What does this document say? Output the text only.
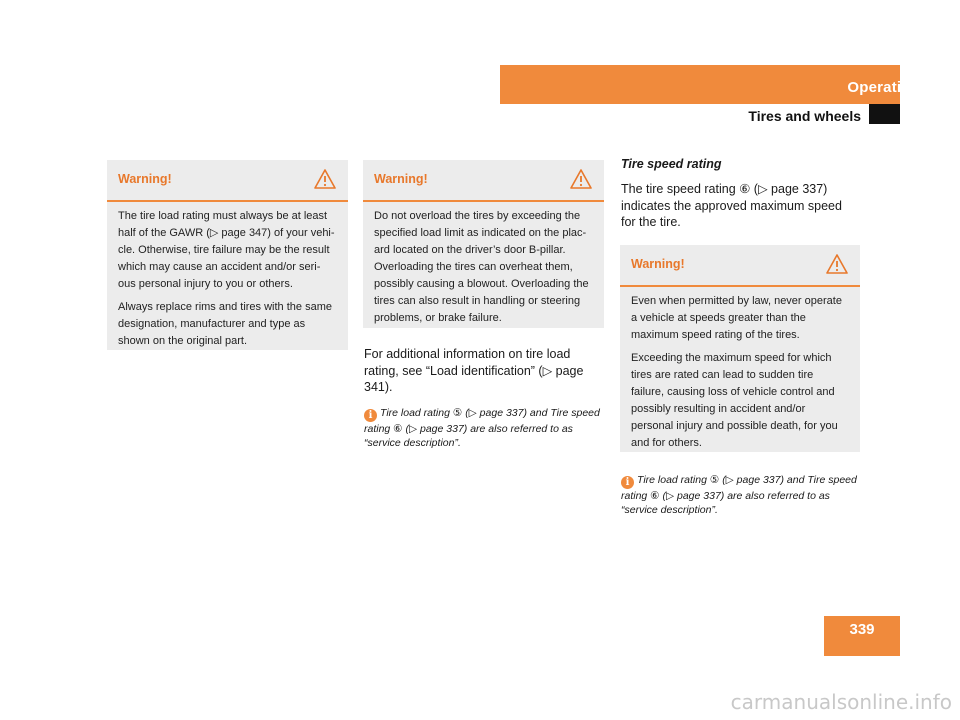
Operation
Tires and wheels
Warning!

The tire load rating must always be at least half of the GAWR (▷ page 347) of your vehi- cle. Otherwise, tire failure may be the result which may cause an accident and/or seri- ous personal injury to you or others.

Always replace rims and tires with the same designation, manufacturer and type as shown on the original part.

Warning!

Do not overload the tires by exceeding the specified load limit as indicated on the plac- ard located on the driver’s door B-pillar. Overloading the tires can overheat them, possibly causing a blowout. Overloading the tires can also result in handling or steering problems, or brake failure.

For additional information on tire load rating, see “Load identification” (▷ page 341).
i Tire load rating ⑤ (▷ page 337) and Tire speed rating ⑥ (▷ page 337) are also referred to as “service description”.
Tire speed rating
The tire speed rating ⑥ (▷ page 337) indicates the approved maximum speed for the tire.
Warning!

Even when permitted by law, never operate a vehicle at speeds greater than the maximum speed rating of the tires.

Exceeding the maximum speed for which tires are rated can lead to sudden tire failure, causing loss of vehicle control and possibly resulting in accident and/or personal injury and possible death, for you and for others.

i Tire load rating ⑤ (▷ page 337) and Tire speed rating ⑥ (▷ page 337) are also referred to as “service description”.
339
carmanualsonline.info
